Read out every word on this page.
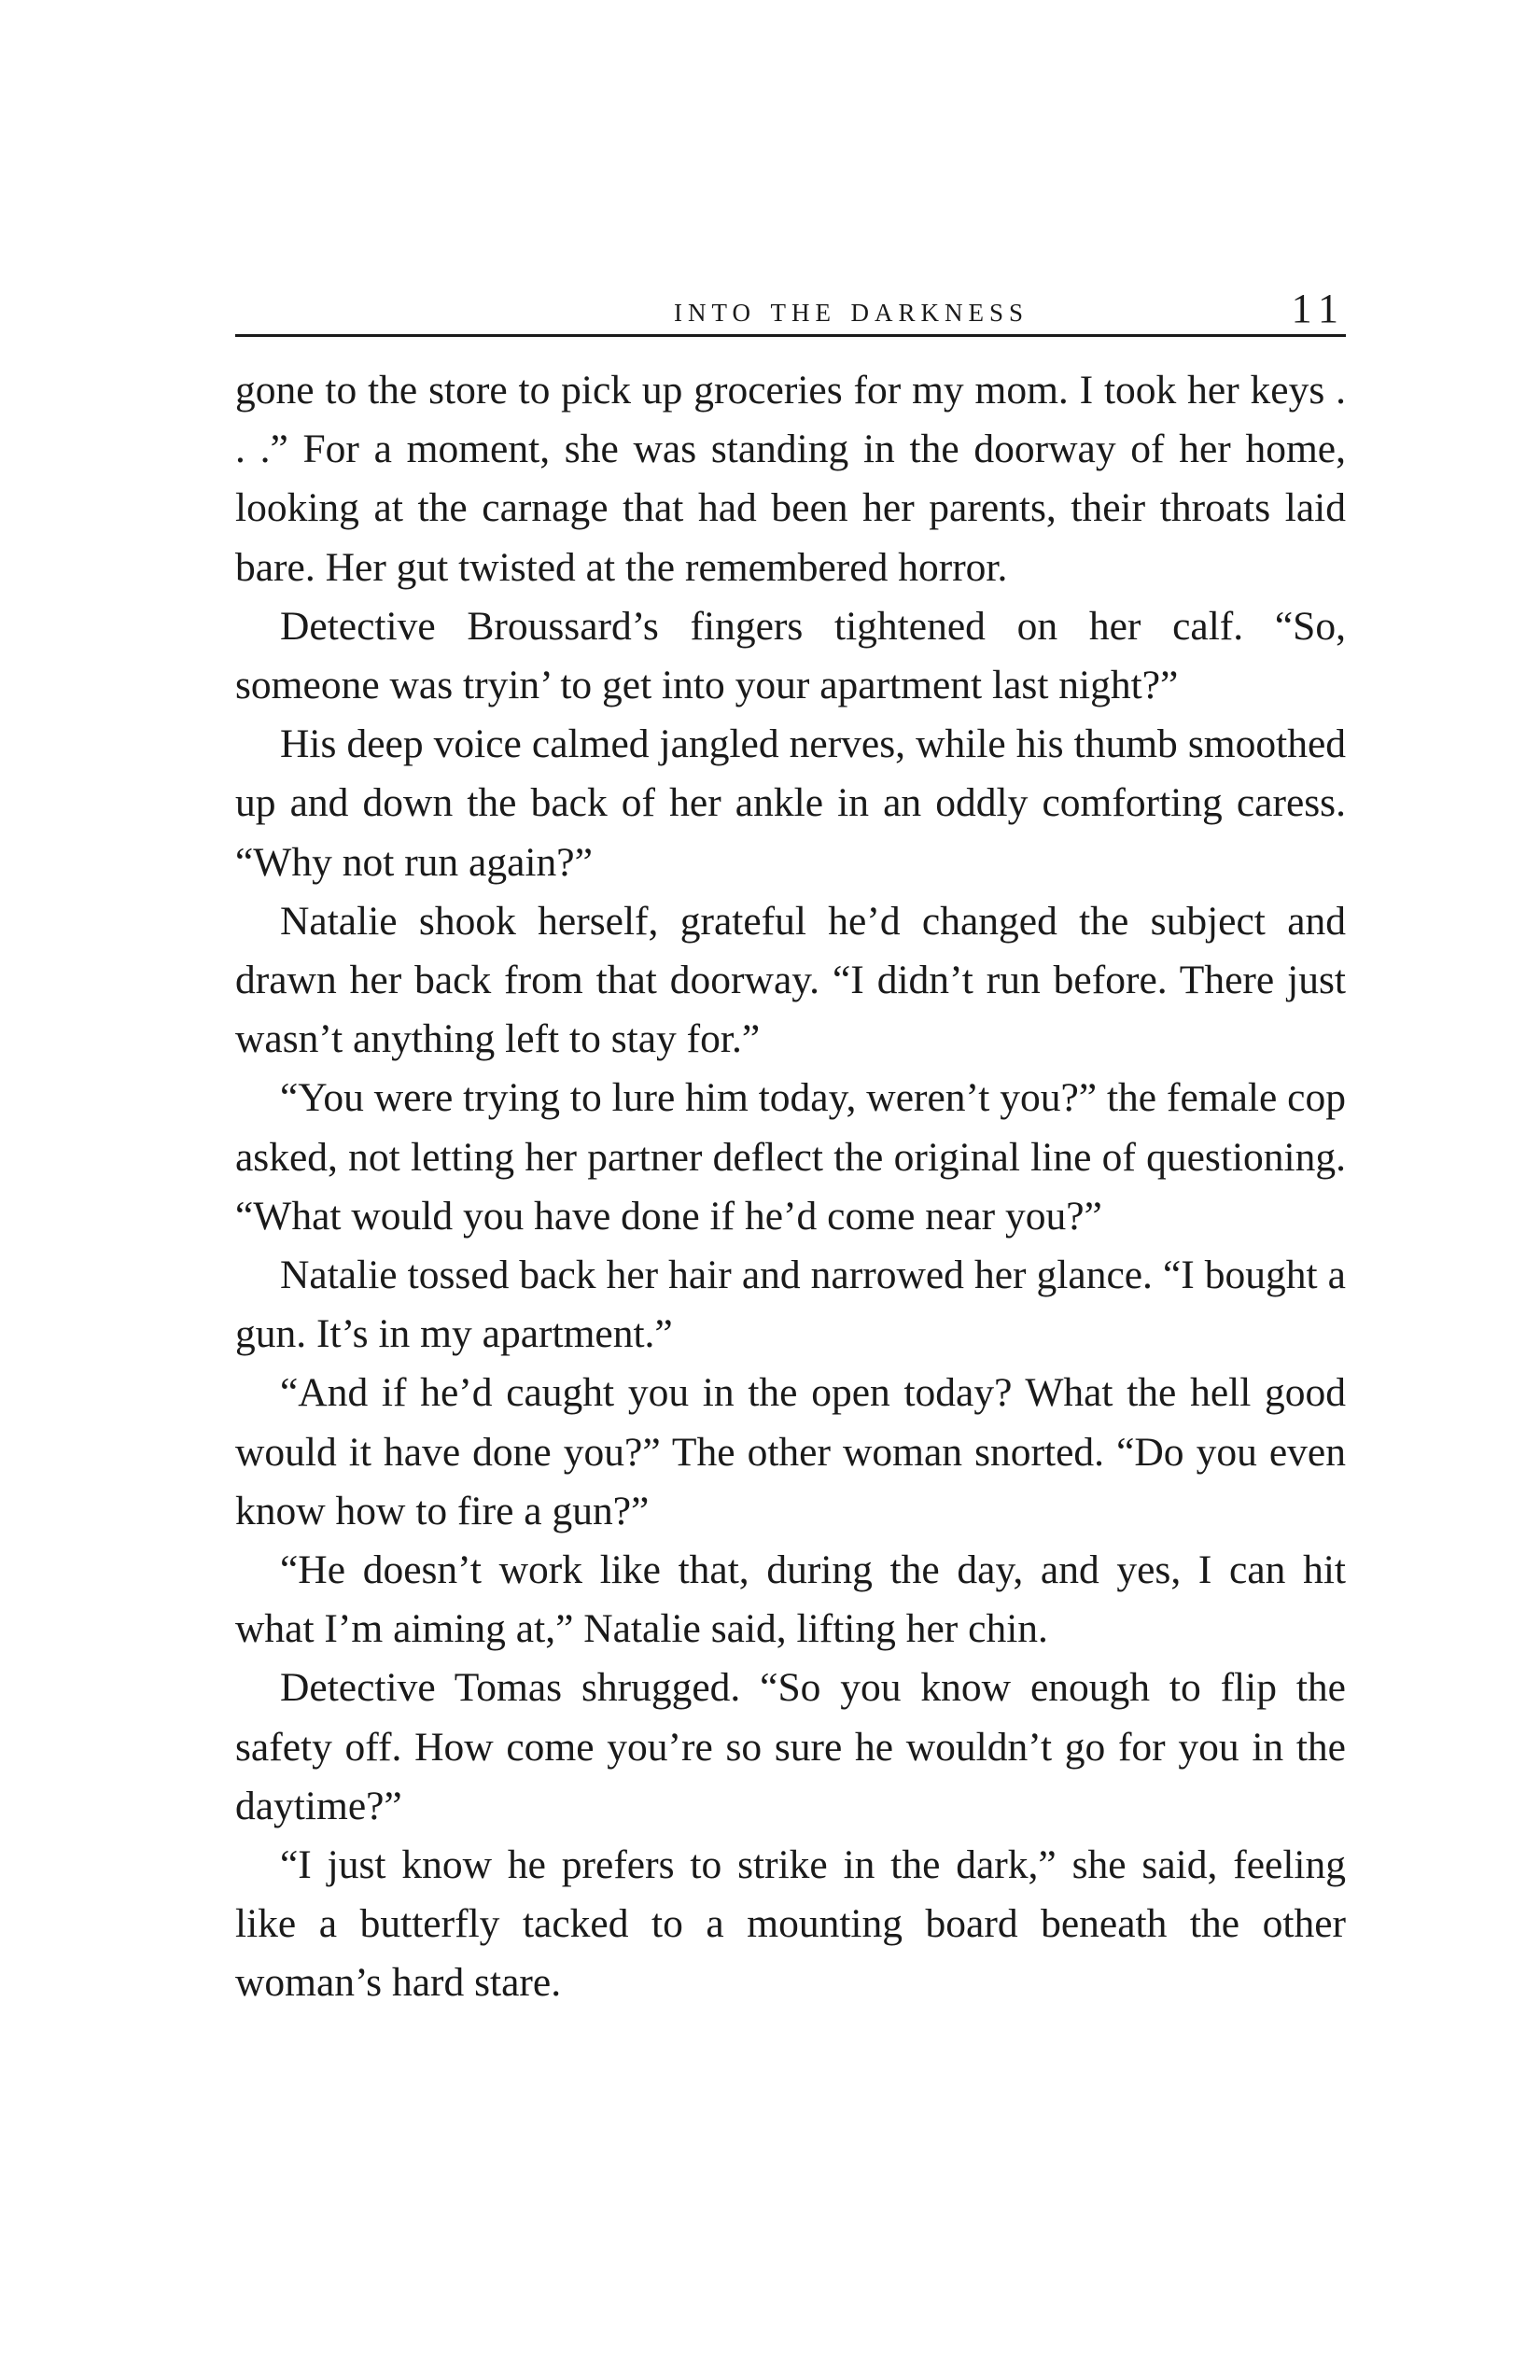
into the darkness	11

gone to the store to pick up groceries for my mom. I took her keys . . .” For a moment, she was standing in the doorway of her home, looking at the carnage that had been her parents, their throats laid bare. Her gut twisted at the remembered horror.

Detective Broussard’s fingers tightened on her calf. “So, someone was tryin’ to get into your apartment last night?”

His deep voice calmed jangled nerves, while his thumb smoothed up and down the back of her ankle in an oddly comforting caress. “Why not run again?”

Natalie shook herself, grateful he’d changed the subject and drawn her back from that doorway. “I didn’t run before. There just wasn’t anything left to stay for.”

“You were trying to lure him today, weren’t you?” the female cop asked, not letting her partner deflect the original line of questioning. “What would you have done if he’d come near you?”

Natalie tossed back her hair and narrowed her glance. “I bought a gun. It’s in my apartment.”

“And if he’d caught you in the open today? What the hell good would it have done you?” The other woman snorted. “Do you even know how to fire a gun?”

“He doesn’t work like that, during the day, and yes, I can hit what I’m aiming at,” Natalie said, lifting her chin.

Detective Tomas shrugged. “So you know enough to flip the safety off. How come you’re so sure he wouldn’t go for you in the daytime?”

“I just know he prefers to strike in the dark,” she said, feeling like a butterfly tacked to a mounting board beneath the other woman’s hard stare.
